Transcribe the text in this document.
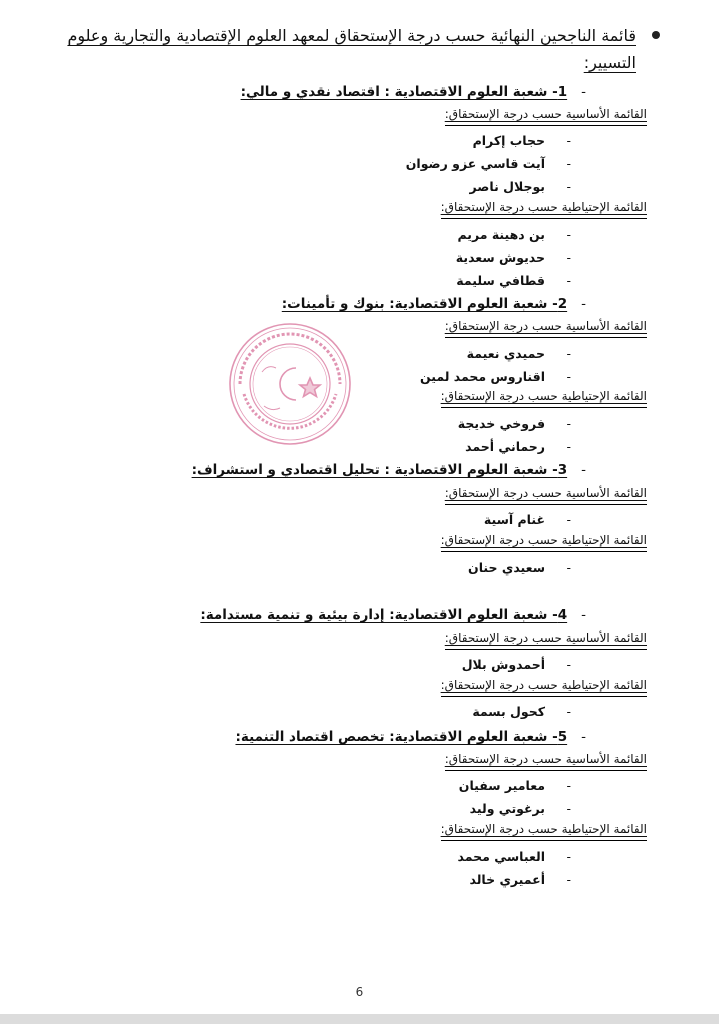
قائمة الناجحين النهائية حسب درجة الإستحقاق لمعهد العلوم الإقتصادية والتجارية وعلوم التسيير:
-1- شعبة العلوم الاقتصادية : اقتصاد نقدي و مالي:
القائمة الأساسية حسب درجة الإستحقاق:
-
حجاب إكرام
-
آيت قاسي عزو رضوان
-
بوجلال ناصر
القائمة الإحتياطية حسب درجة الإستحقاق:
-
بن دهينة مريم
-
حديوش سعدية
-
قطافي سليمة
-2- شعبة العلوم الاقتصادية: بنوك و تأمينات:
القائمة الأساسية حسب درجة الإستحقاق:
-
حميدي نعيمة
-
اقناروس محمد لمين
القائمة الإحتياطية حسب درجة الإستحقاق:
-
فروخي خديجة
-
رحماني أحمد
-3- شعبة العلوم الاقتصادية : تحليل اقتصادي و استشراف:
القائمة الأساسية حسب درجة الإستحقاق:
-
غنام آسية
القائمة الإحتياطية حسب درجة الإستحقاق:
-
سعيدي حنان
-4- شعبة العلوم الاقتصادية: إدارة بيئية و تنمية مستدامة:
القائمة الأساسية حسب درجة الإستحقاق:
-
أحمدوش بلال
القائمة الإحتياطية حسب درجة الإستحقاق:
-
كحول بسمة
-5- شعبة العلوم الاقتصادية: تخصص اقتصاد التنمية:
القائمة الأساسية حسب درجة الإستحقاق:
-
معامير سفيان
-
برغوتي وليد
القائمة الإحتياطية حسب درجة الإستحقاق:
-
العباسي محمد
-
أعميري خالد
6
